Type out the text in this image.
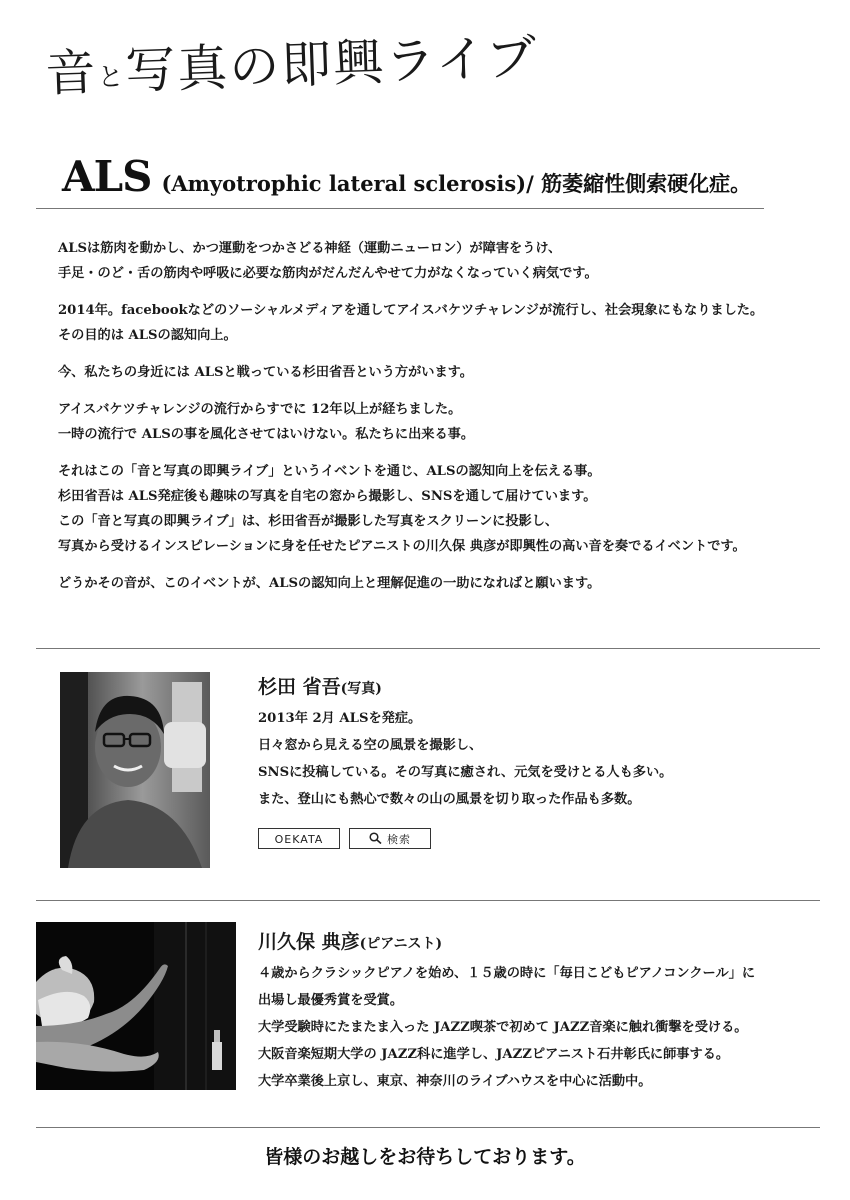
音と写真の即興ライブ
ALS (Amyotrophic lateral sclerosis)/ 筋萎縮性側索硬化症。

ALSは筋肉を動かし、かつ運動をつかさどる神経（運動ニューロン）が障害をうけ、
手足・のど・舌の筋肉や呼吸に必要な筋肉がだんだんやせて力がなくなっていく病気です。

2014年。facebookなどのソーシャルメディアを通してアイスバケツチャレンジが流行し、社会現象にもなりました。
その目的は ALSの認知向上。

今、私たちの身近には ALSと戦っている杉田省吾という方がいます。

アイスバケツチャレンジの流行からすでに 12年以上が経ちました。
一時の流行で ALSの事を風化させてはいけない。私たちに出来る事。

それはこの「音と写真の即興ライブ」というイベントを通じ、ALSの認知向上を伝える事。
杉田省吾は ALS発症後も趣味の写真を自宅の窓から撮影し、SNSを通して届けています。
この「音と写真の即興ライブ」は、杉田省吾が撮影した写真をスクリーンに投影し、
写真から受けるインスピレーションに身を任せたピアニストの川久保 典彦が即興性の高い音を奏でるイベントです。

どうかその音が、このイベントが、ALSの認知向上と理解促進の一助になればと願います。

杉田 省吾(写真)
2013年 2月 ALSを発症。
日々窓から見える空の風景を撮影し、
SNSに投稿している。その写真に癒され、元気を受けとる人も多い。
また、登山にも熱心で数々の山の風景を切り取った作品も多数。
OEKATA	検索
川久保 典彦(ピアニスト)
４歳からクラシックピアノを始め、１５歳の時に「毎日こどもピアノコンクール」に
出場し最優秀賞を受賞。
大学受験時にたまたま入った JAZZ喫茶で初めて JAZZ音楽に触れ衝撃を受ける。
大阪音楽短期大学の JAZZ科に進学し、JAZZピアニスト石井彰氏に師事する。
大学卒業後上京し、東京、神奈川のライブハウスを中心に活動中。
皆様のお越しをお待ちしております。
